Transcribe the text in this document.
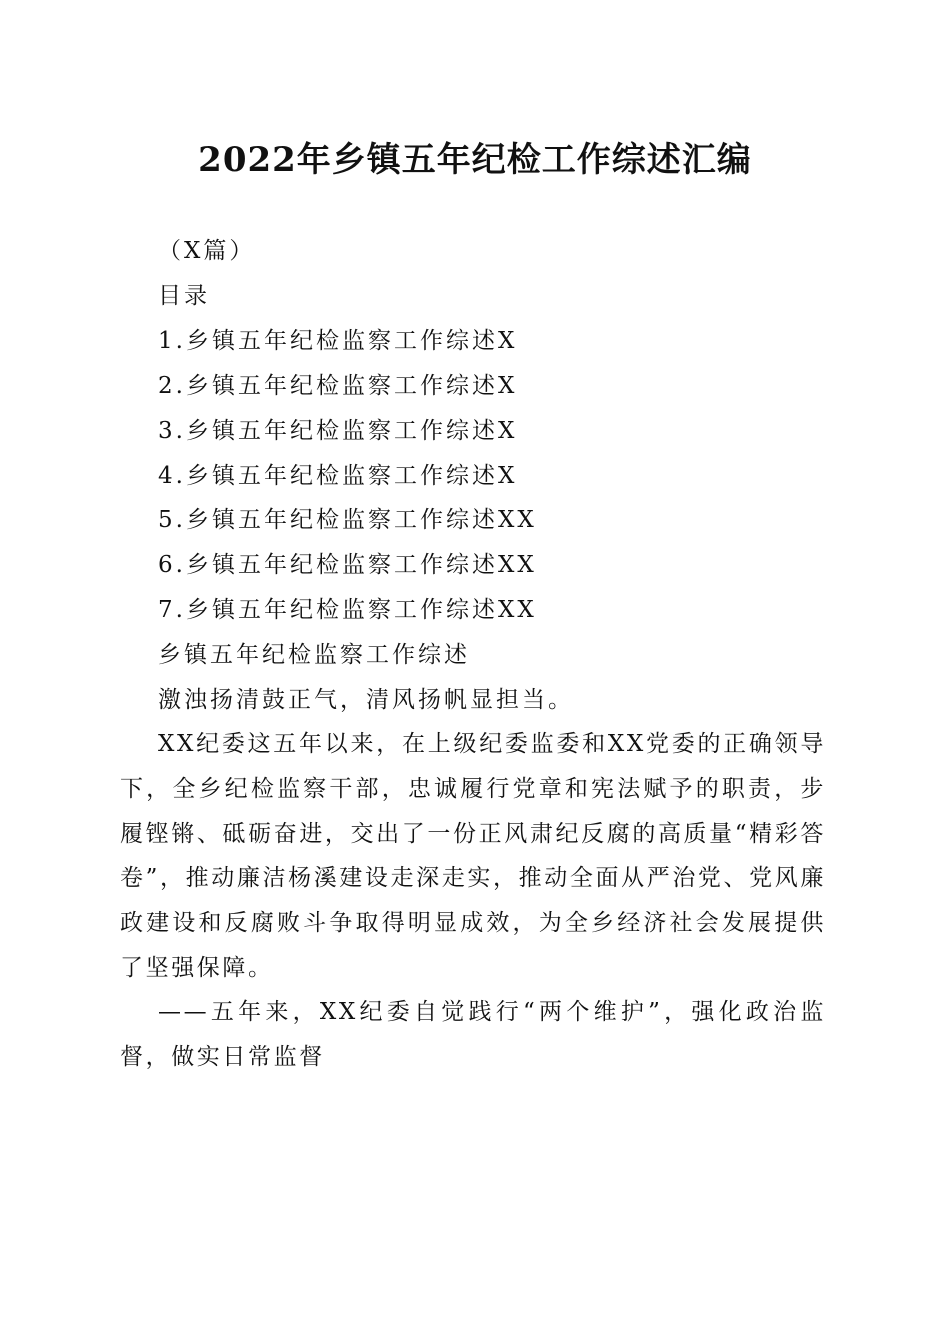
2022年乡镇五年纪检工作综述汇编
（X篇）
目录
1.乡镇五年纪检监察工作综述X
2.乡镇五年纪检监察工作综述X
3.乡镇五年纪检监察工作综述X
4.乡镇五年纪检监察工作综述X
5.乡镇五年纪检监察工作综述XX
6.乡镇五年纪检监察工作综述XX
7.乡镇五年纪检监察工作综述XX
乡镇五年纪检监察工作综述
激浊扬清鼓正气，清风扬帆显担当。
XX纪委这五年以来，在上级纪委监委和XX党委的正确领导下，全乡纪检监察干部，忠诚履行党章和宪法赋予的职责，步履铿锵、砥砺奋进，交出了一份正风肃纪反腐的高质量“精彩答卷”，推动廉洁杨溪建设走深走实，推动全面从严治党、党风廉政建设和反腐败斗争取得明显成效，为全乡经济社会发展提供了坚强保障。
——五年来，XX纪委自觉践行“两个维护”，强化政治监督，做实日常监督
